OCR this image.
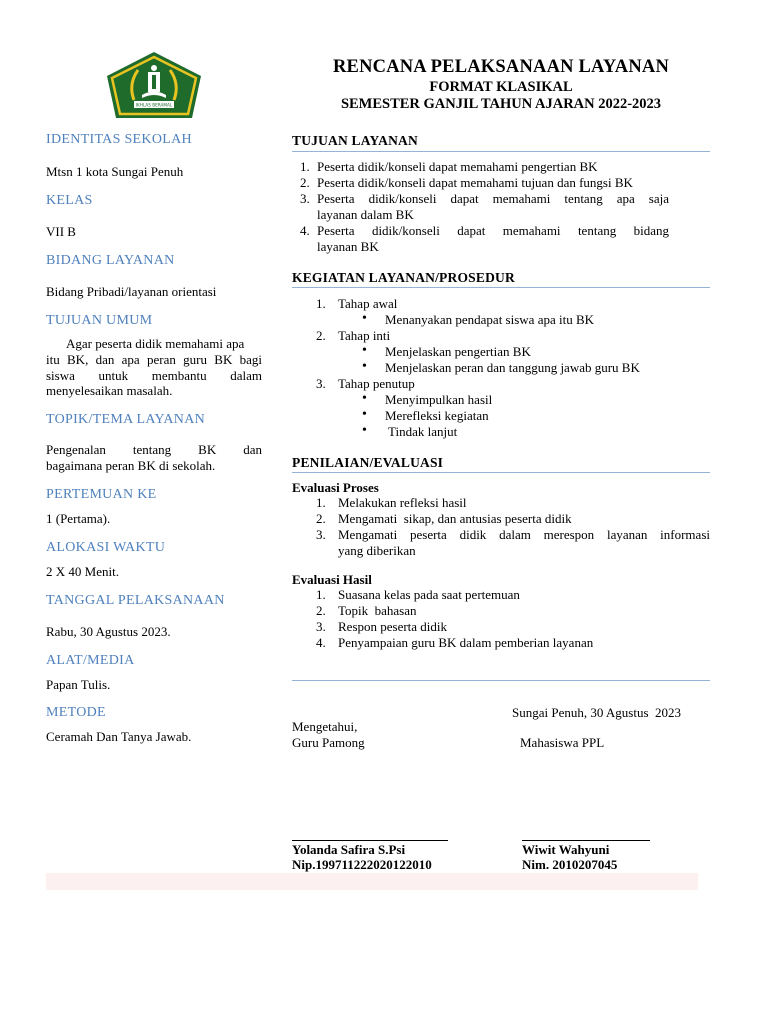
IKHLAS BERAMAL
RENCANA PELAKSANAAN LAYANAN
FORMAT KLASIKAL
SEMESTER GANJIL TAHUN AJARAN 2022-2023
IDENTITAS SEKOLAH
Mtsn 1 kota Sungai Penuh
KELAS
VII B
BIDANG LAYANAN
Bidang Pribadi/layanan orientasi
TUJUAN UMUM
Agar peserta didik memahami apa
itu BK, dan apa peran guru BK bagi
siswa untuk membantu dalam
menyelesaikan masalah.
TOPIK/TEMA LAYANAN
Pengenalan tentang BK dan
bagaimana peran BK di sekolah.
PERTEMUAN KE
1 (Pertama).
ALOKASI WAKTU
2 X 40 Menit.
TANGGAL PELAKSANAAN
Rabu, 30 Agustus 2023.
ALAT/MEDIA
Papan Tulis.
METODE
Ceramah Dan Tanya Jawab.
TUJUAN LAYANAN
1. Peserta didik/konseli dapat memahami pengertian BK
2. Peserta didik/konseli dapat memahami tujuan dan fungsi BK
3. Peserta didik/konseli dapat memahami tentang apa saja
layanan dalam BK
4. Peserta didik/konseli dapat memahami tentang bidang
layanan BK
KEGIATAN LAYANAN/PROSEDUR
1. Tahap awal
• Menanyakan pendapat siswa apa itu BK
2. Tahap inti
• Menjelaskan pengertian BK
• Menjelaskan peran dan tanggung jawab guru BK
3. Tahap penutup
• Menyimpulkan hasil
• Merefleksi kegiatan
• Tindak lanjut
PENILAIAN/EVALUASI
Evaluasi Proses
1. Melakukan refleksi hasil
2. Mengamati  sikap, dan antusias peserta didik
3. Mengamati peserta didik dalam merespon layanan informasi
yang diberikan
Evaluasi Hasil
1. Suasana kelas pada saat pertemuan
2. Topik  bahasan
3. Respon peserta didik
4. Penyampaian guru BK dalam pemberian layanan
Sungai Penuh, 30 Agustus  2023
Mengetahui,
Guru Pamong	Mahasiswa PPL
Yolanda Safira S.Psi
Nip.199711222020122010
Wiwit Wahyuni
Nim. 2010207045
